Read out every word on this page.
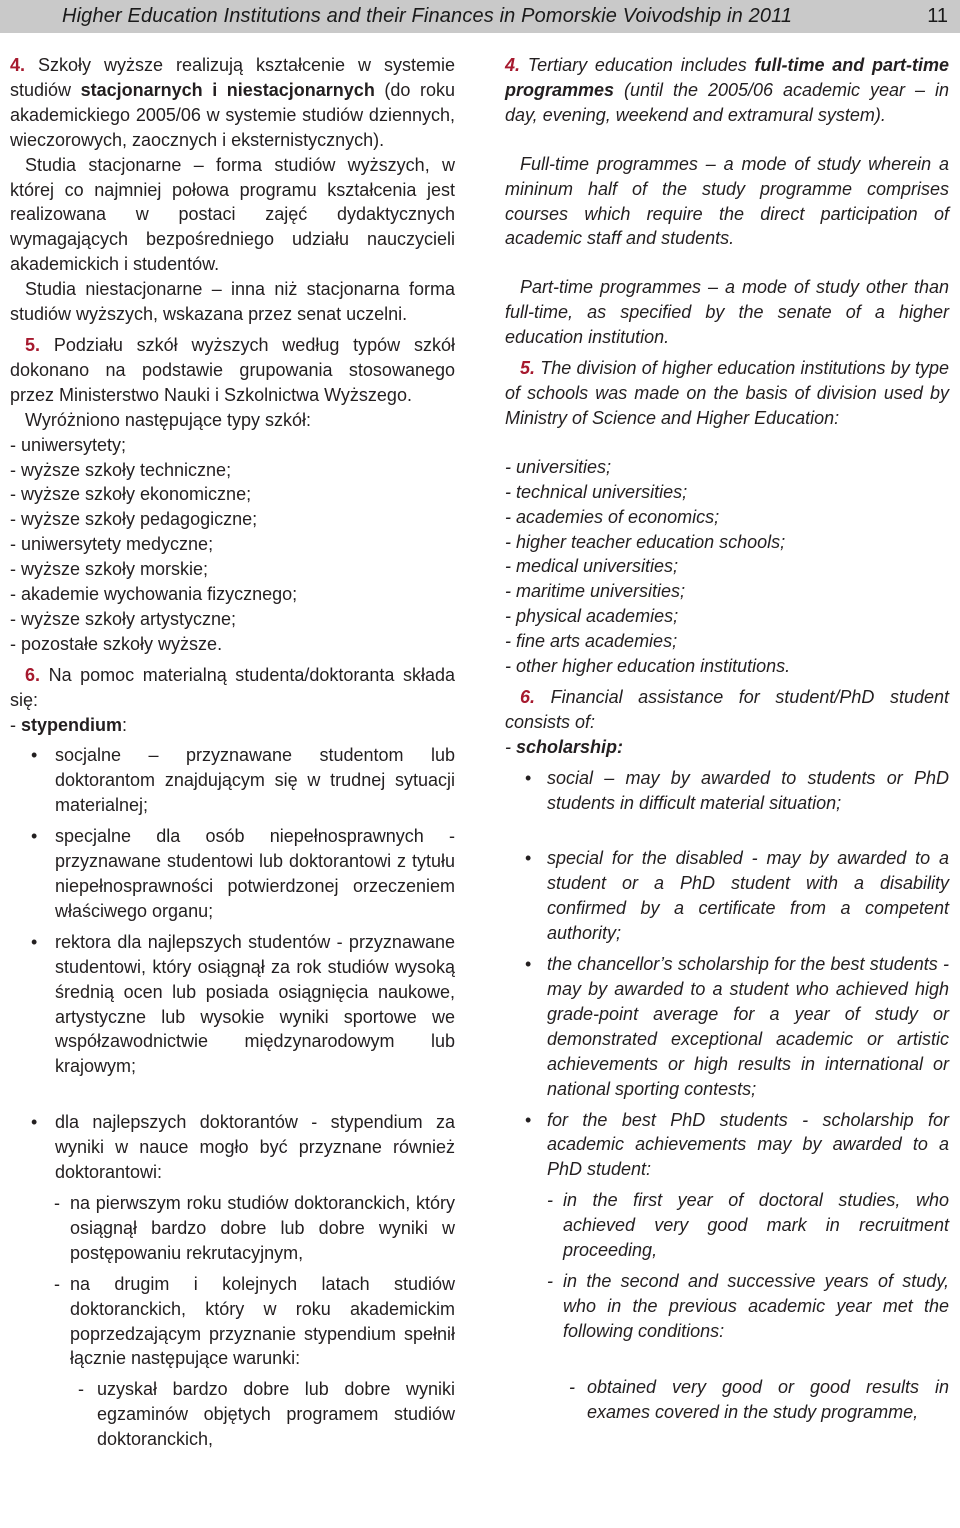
Higher Education Institutions and their Finances in Pomorskie Voivodship in 2011	11

4. Szkoły wyższe realizują kształcenie w systemie studiów stacjonarnych i niestacjonarnych (do roku akademickiego 2005/06 w systemie studiów dziennych, wieczorowych, zaocznych i eksternistycznych).

Studia stacjonarne – forma studiów wyższych, w której co najmniej połowa programu kształcenia jest realizowana w postaci zajęć dydaktycznych wymagających bezpośredniego udziału nauczycieli akademickich i studentów.

Studia niestacjonarne – inna niż stacjonarna forma studiów wyższych, wskazana przez senat uczelni.

5. Podziału szkół wyższych według typów szkół dokonano na podstawie grupowania stosowanego przez Ministerstwo Nauki i Szkolnictwa Wyższego.

Wyróżniono następujące typy szkół:

- uniwersytety;

- wyższe szkoły techniczne;

- wyższe szkoły ekonomiczne;

- wyższe szkoły pedagogiczne;

- uniwersytety medyczne;

- wyższe szkoły morskie;

- akademie wychowania fizycznego;

- wyższe szkoły artystyczne;

- pozostałe szkoły wyższe.

6. Na pomoc materialną studenta/doktoranta składa się:

- stypendium:

• socjalne – przyznawane studentom lub doktorantom znajdującym się w trudnej sytuacji materialnej;

• specjalne dla osób niepełnosprawnych - przyznawane studentowi lub doktorantowi z tytułu niepełnosprawności potwierdzonej orzeczeniem właściwego organu;

• rektora dla najlepszych studentów - przyznawane studentowi, który osiągnął za rok studiów wysoką średnią ocen lub posiada osiągnięcia naukowe, artystyczne lub wysokie wyniki sportowe we współzawodnictwie międzynarodowym lub krajowym;

• dla najlepszych doktorantów - stypendium za wyniki w nauce mogło być przyznane również doktorantowi:

- na pierwszym roku studiów doktoranckich, który osiągnął bardzo dobre lub dobre wyniki w postępowaniu rekrutacyjnym,

- na drugim i kolejnych latach studiów doktoranckich, który w roku akademickim poprzedzającym przyznanie stypendium spełnił łącznie następujące warunki:

- uzyskał bardzo dobre lub dobre wyniki egzaminów objętych programem studiów doktoranckich,

4. Tertiary education includes full-time and part-time programmes (until the 2005/06 academic year – in day, evening, weekend and extramural system).

Full-time programmes – a mode of study wherein a mininum half of the study programme comprises courses which require the direct participation of academic staff and students.

Part-time programmes – a mode of study other than full-time, as specified by the senate of a higher education institution.

5. The division of higher education institutions by type of schools was made on the basis of division used by Ministry of Science and Higher Education:

- universities;

- technical universities;

- academies of economics;

- higher teacher education schools;

- medical universities;

- maritime universities;

- physical academies;

- fine arts academies;

- other higher education institutions.

6. Financial assistance for student/PhD student consists of:

- scholarship:

• social – may by awarded to students or PhD students in difficult material situation;

• special for the disabled - may by awarded to a student or a PhD student with a disability confirmed by a certificate from a competent authority;

• the chancellor’s scholarship for the best students - may by awarded to a student who achieved high grade-point average for a year of study or demonstrated exceptional academic or artistic achievements or high results in international or national sporting contests;

• for the best PhD students - scholarship for academic achievements may by awarded to a PhD student:

- in the first year of doctoral studies, who achieved very good mark in recruitment proceeding,

- in the second and successive years of study, who in the previous academic year met the following conditions:

- obtained very good or good results in exames covered in the study programme,
